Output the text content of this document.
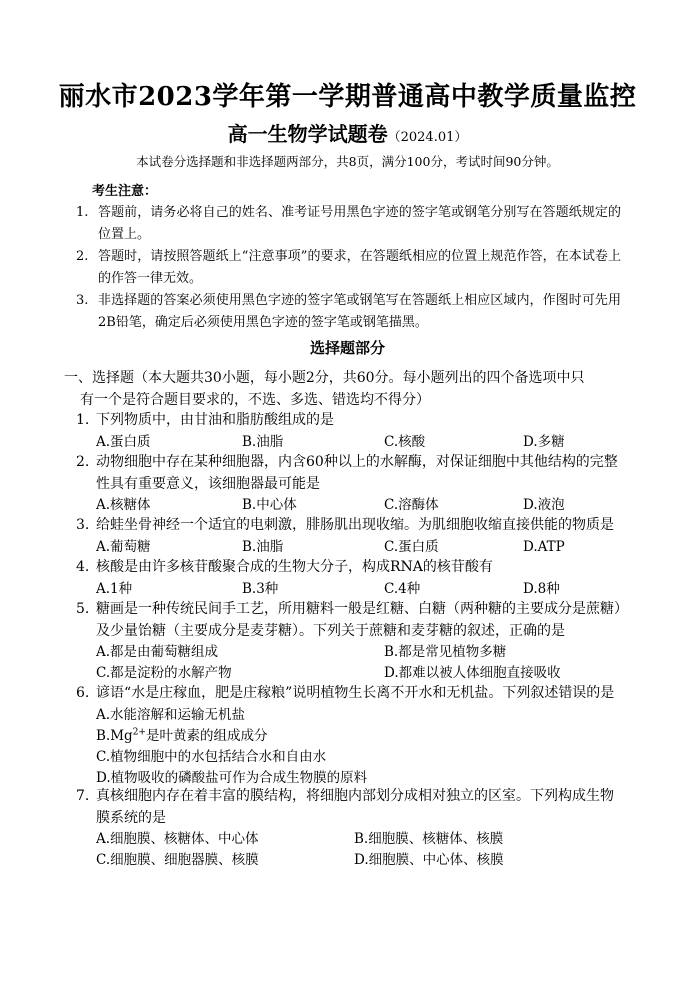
丽水市2023学年第一学期普通高中教学质量监控
高一生物学试题卷（2024.01）
本试卷分选择题和非选择题两部分，共8页，满分100分，考试时间90分钟。
考生注意：
1. 答题前，请务必将自己的姓名、准考证号用黑色字迹的签字笔或钢笔分别写在答题纸规定的位置上。
2. 答题时，请按照答题纸上“注意事项”的要求，在答题纸相应的位置上规范作答，在本试卷上的作答一律无效。
3. 非选择题的答案必须使用黑色字迹的签字笔或钢笔写在答题纸上相应区域内，作图时可先用2B铅笔，确定后必须使用黑色字迹的签字笔或钢笔描黑。
选择题部分
一、选择题（本大题共30小题，每小题2分，共60分。每小题列出的四个备选项中只
有一个是符合题目要求的，不选、多选、错选均不得分）
1. 下列物质中，由甘油和脂肪酸组成的是
A.蛋白质	B.油脂	C.核酸	D.多糖
2. 动物细胞中存在某种细胞器，内含60种以上的水解酶，对保证细胞中其他结构的完整性具有重要意义，该细胞器最可能是
A.核糖体	B.中心体	C.溶酶体	D.液泡
3. 给蛙坐骨神经一个适宜的电刺激，腓肠肌出现收缩。为肌细胞收缩直接供能的物质是
A.葡萄糖	B.油脂	C.蛋白质	D.ATP
4. 核酸是由许多核苷酸聚合成的生物大分子，构成RNA的核苷酸有
A.1种	B.3种	C.4种	D.8种
5. 糖画是一种传统民间手工艺，所用糖料一般是红糖、白糖（两种糖的主要成分是蔗糖）及少量饴糖（主要成分是麦芽糖）。下列关于蔗糖和麦芽糖的叙述，正确的是
A.都是由葡萄糖组成	B.都是常见植物多糖
C.都是淀粉的水解产物	D.都难以被人体细胞直接吸收
6. 谚语“水是庄稼血，肥是庄稼粮”说明植物生长离不开水和无机盐。下列叙述错误的是
A.水能溶解和运输无机盐
$B.Mg^{2+}$是叶黄素的组成成分
C.植物细胞中的水包括结合水和自由水
D.植物吸收的磷酸盐可作为合成生物膜的原料
7. 真核细胞内存在着丰富的膜结构，将细胞内部划分成相对独立的区室。下列构成生物膜系统的是
A.细胞膜、核糖体、中心体	B.细胞膜、核糖体、核膜
C.细胞膜、细胞器膜、核膜	D.细胞膜、中心体、核膜
